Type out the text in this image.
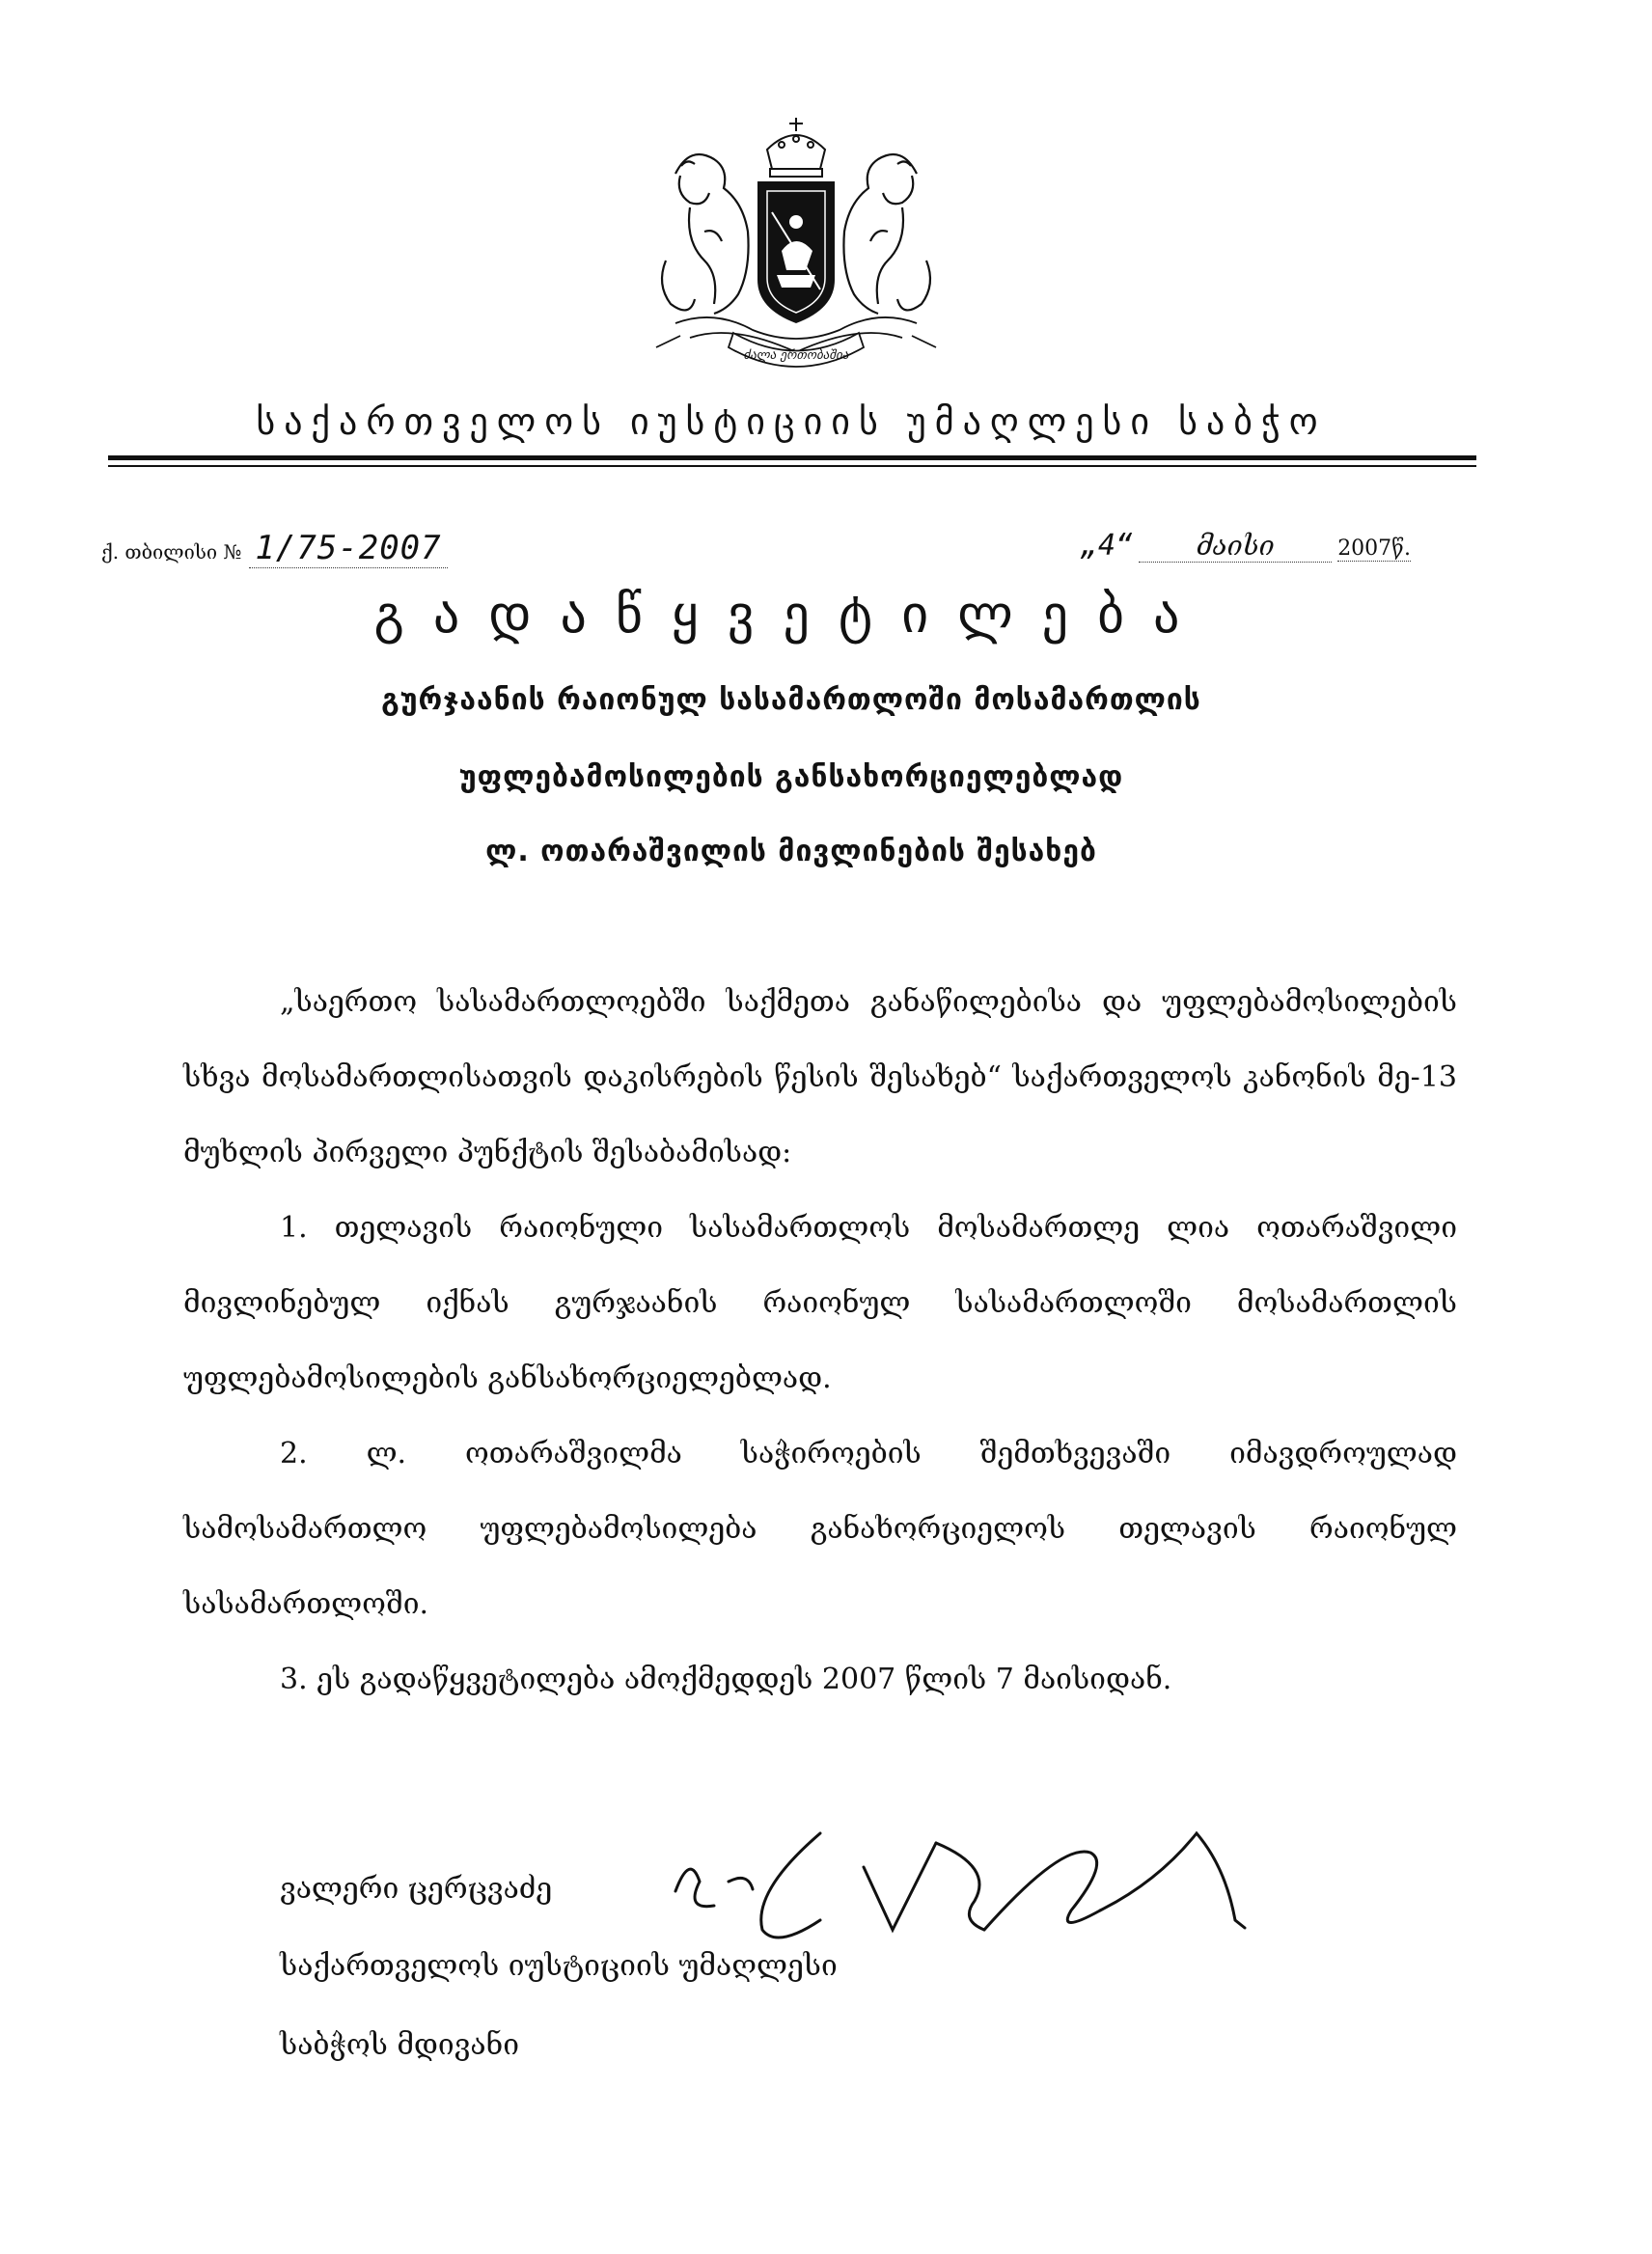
ძალა ერთობაშია
საქართველოს იუსტიციის უმაღლესი საბჭო
ქ. თბილისი № 1/75-2007	„4“	მაისი	2007წ.
გადაწყვეტილება
გურჯაანის რაიონულ სასამართლოში მოსამართლის
უფლებამოსილების განსახორციელებლად
ლ. ოთარაშვილის მივლინების შესახებ

„საერთო სასამართლოებში საქმეთა განაწილებისა და უფლებამოსილების სხვა მოსამართლისათვის დაკისრების წესის შესახებ“ საქართველოს კანონის მე-13 მუხლის პირველი პუნქტის შესაბამისად:

1. თელავის რაიონული სასამართლოს მოსამართლე ლია ოთარაშვილი მივლინებულ იქნას გურჯაანის რაიონულ სასამართლოში მოსამართლის უფლებამოსილების განსახორციელებლად.

2. ლ. ოთარაშვილმა საჭიროების შემთხვევაში იმავდროულად სამოსამართლო უფლებამოსილება განახორციელოს თელავის რაიონულ სასამართლოში.

3. ეს გადაწყვეტილება ამოქმედდეს 2007 წლის 7 მაისიდან.

ვალერი ცერცვაძე
საქართველოს იუსტიციის უმაღლესი
საბჭოს მდივანი
